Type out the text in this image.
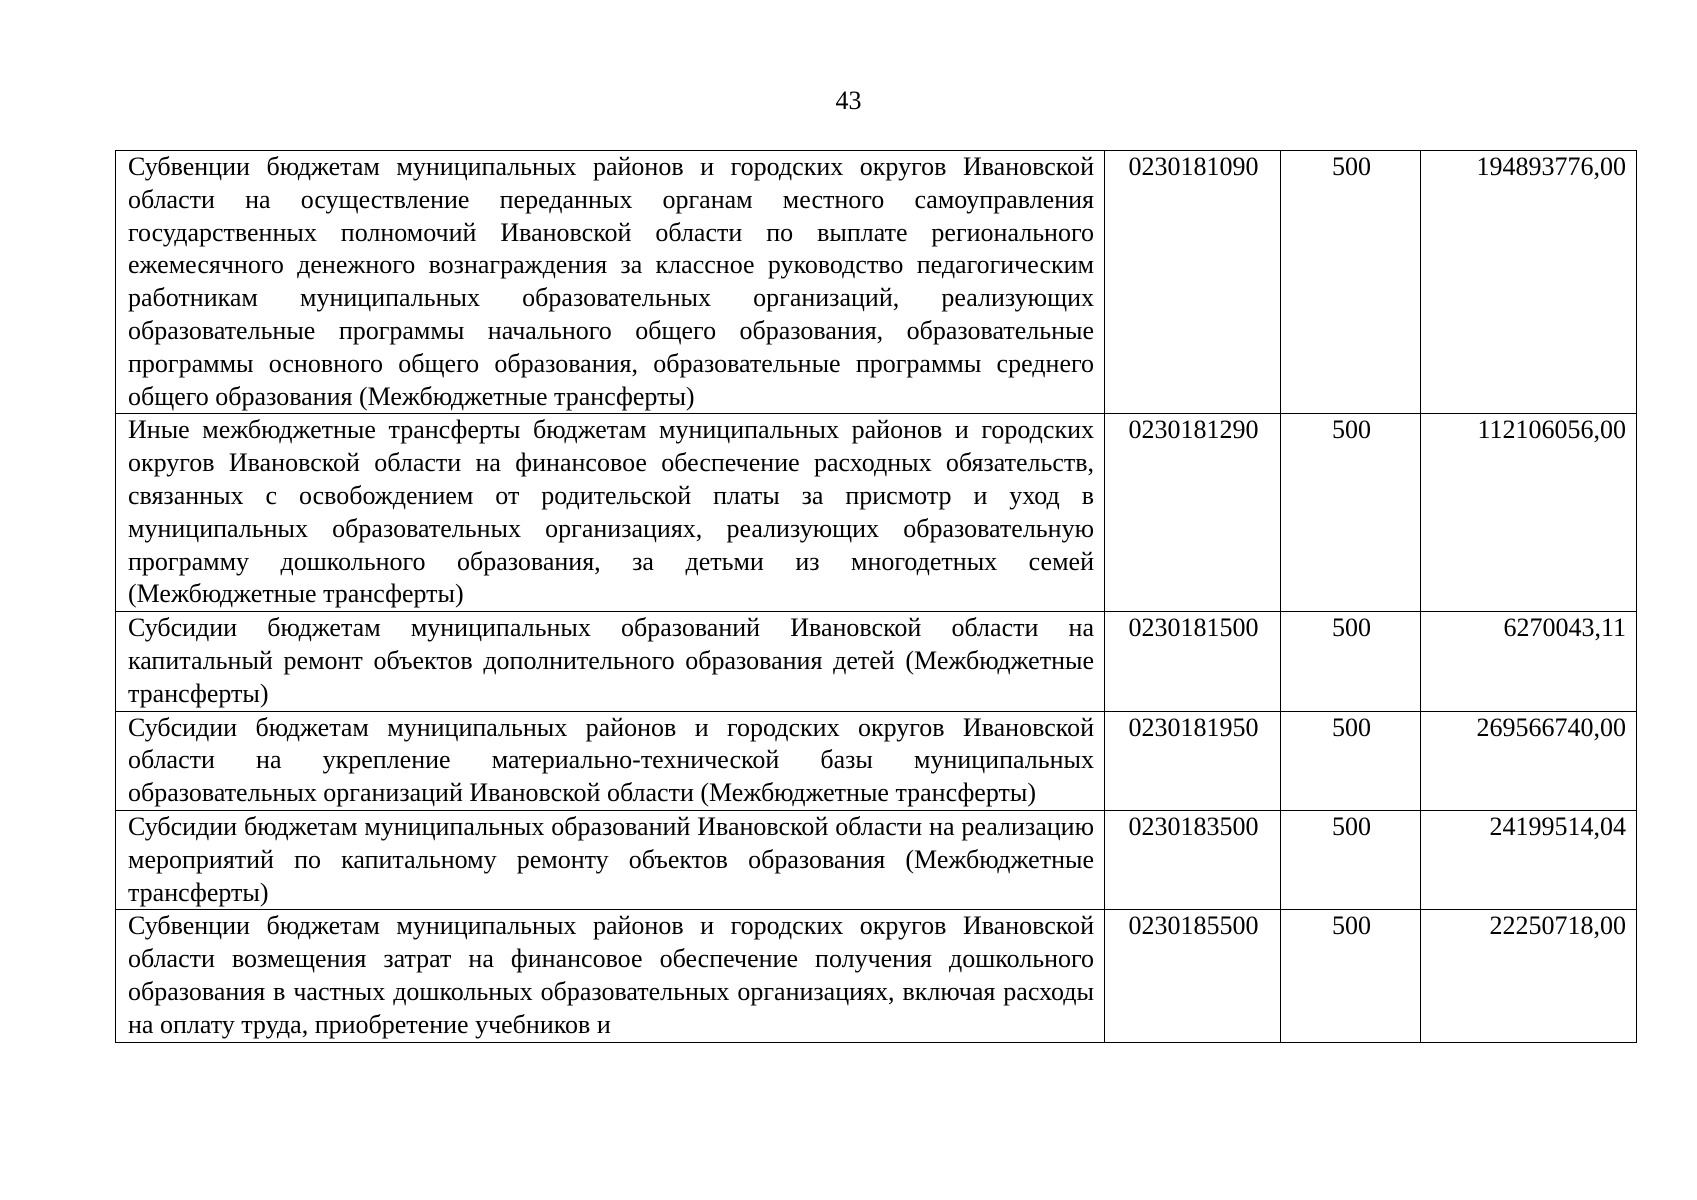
43
Субвенции бюджетам муниципальных районов и городских округов Ивановской области на осуществление переданных органам местного самоуправления государственных полномочий Ивановской области по выплате регионального ежемесячного денежного вознаграждения за классное руководство педагогическим работникам муниципальных образовательных организаций, реализующих образовательные программы начального общего образования, образовательные программы основного общего образования, образовательные программы среднего общего образования (Межбюджетные трансферты)	0230181090	500	194893776,00
Иные межбюджетные трансферты бюджетам муниципальных районов и городских округов Ивановской области на финансовое обеспечение расходных обязательств, связанных с освобождением от родительской платы за присмотр и уход в муниципальных образовательных организациях, реализующих образовательную программу дошкольного образования, за детьми из многодетных семей (Межбюджетные трансферты)	0230181290	500	112106056,00
Субсидии бюджетам муниципальных образований Ивановской области на капитальный ремонт объектов дополнительного образования детей (Межбюджетные трансферты)	0230181500	500	6270043,11
Субсидии бюджетам муниципальных районов и городских округов Ивановской области на укрепление материально-технической базы муниципальных образовательных организаций Ивановской области (Межбюджетные трансферты)	0230181950	500	269566740,00
Субсидии бюджетам муниципальных образований Ивановской области на реализацию мероприятий по капитальному ремонту объектов образования (Межбюджетные трансферты)	0230183500	500	24199514,04
Субвенции бюджетам муниципальных районов и городских округов Ивановской области возмещения затрат на финансовое обеспечение получения дошкольного образования в частных дошкольных образовательных организациях, включая расходы на оплату труда, приобретение учебников и	0230185500	500	22250718,00
